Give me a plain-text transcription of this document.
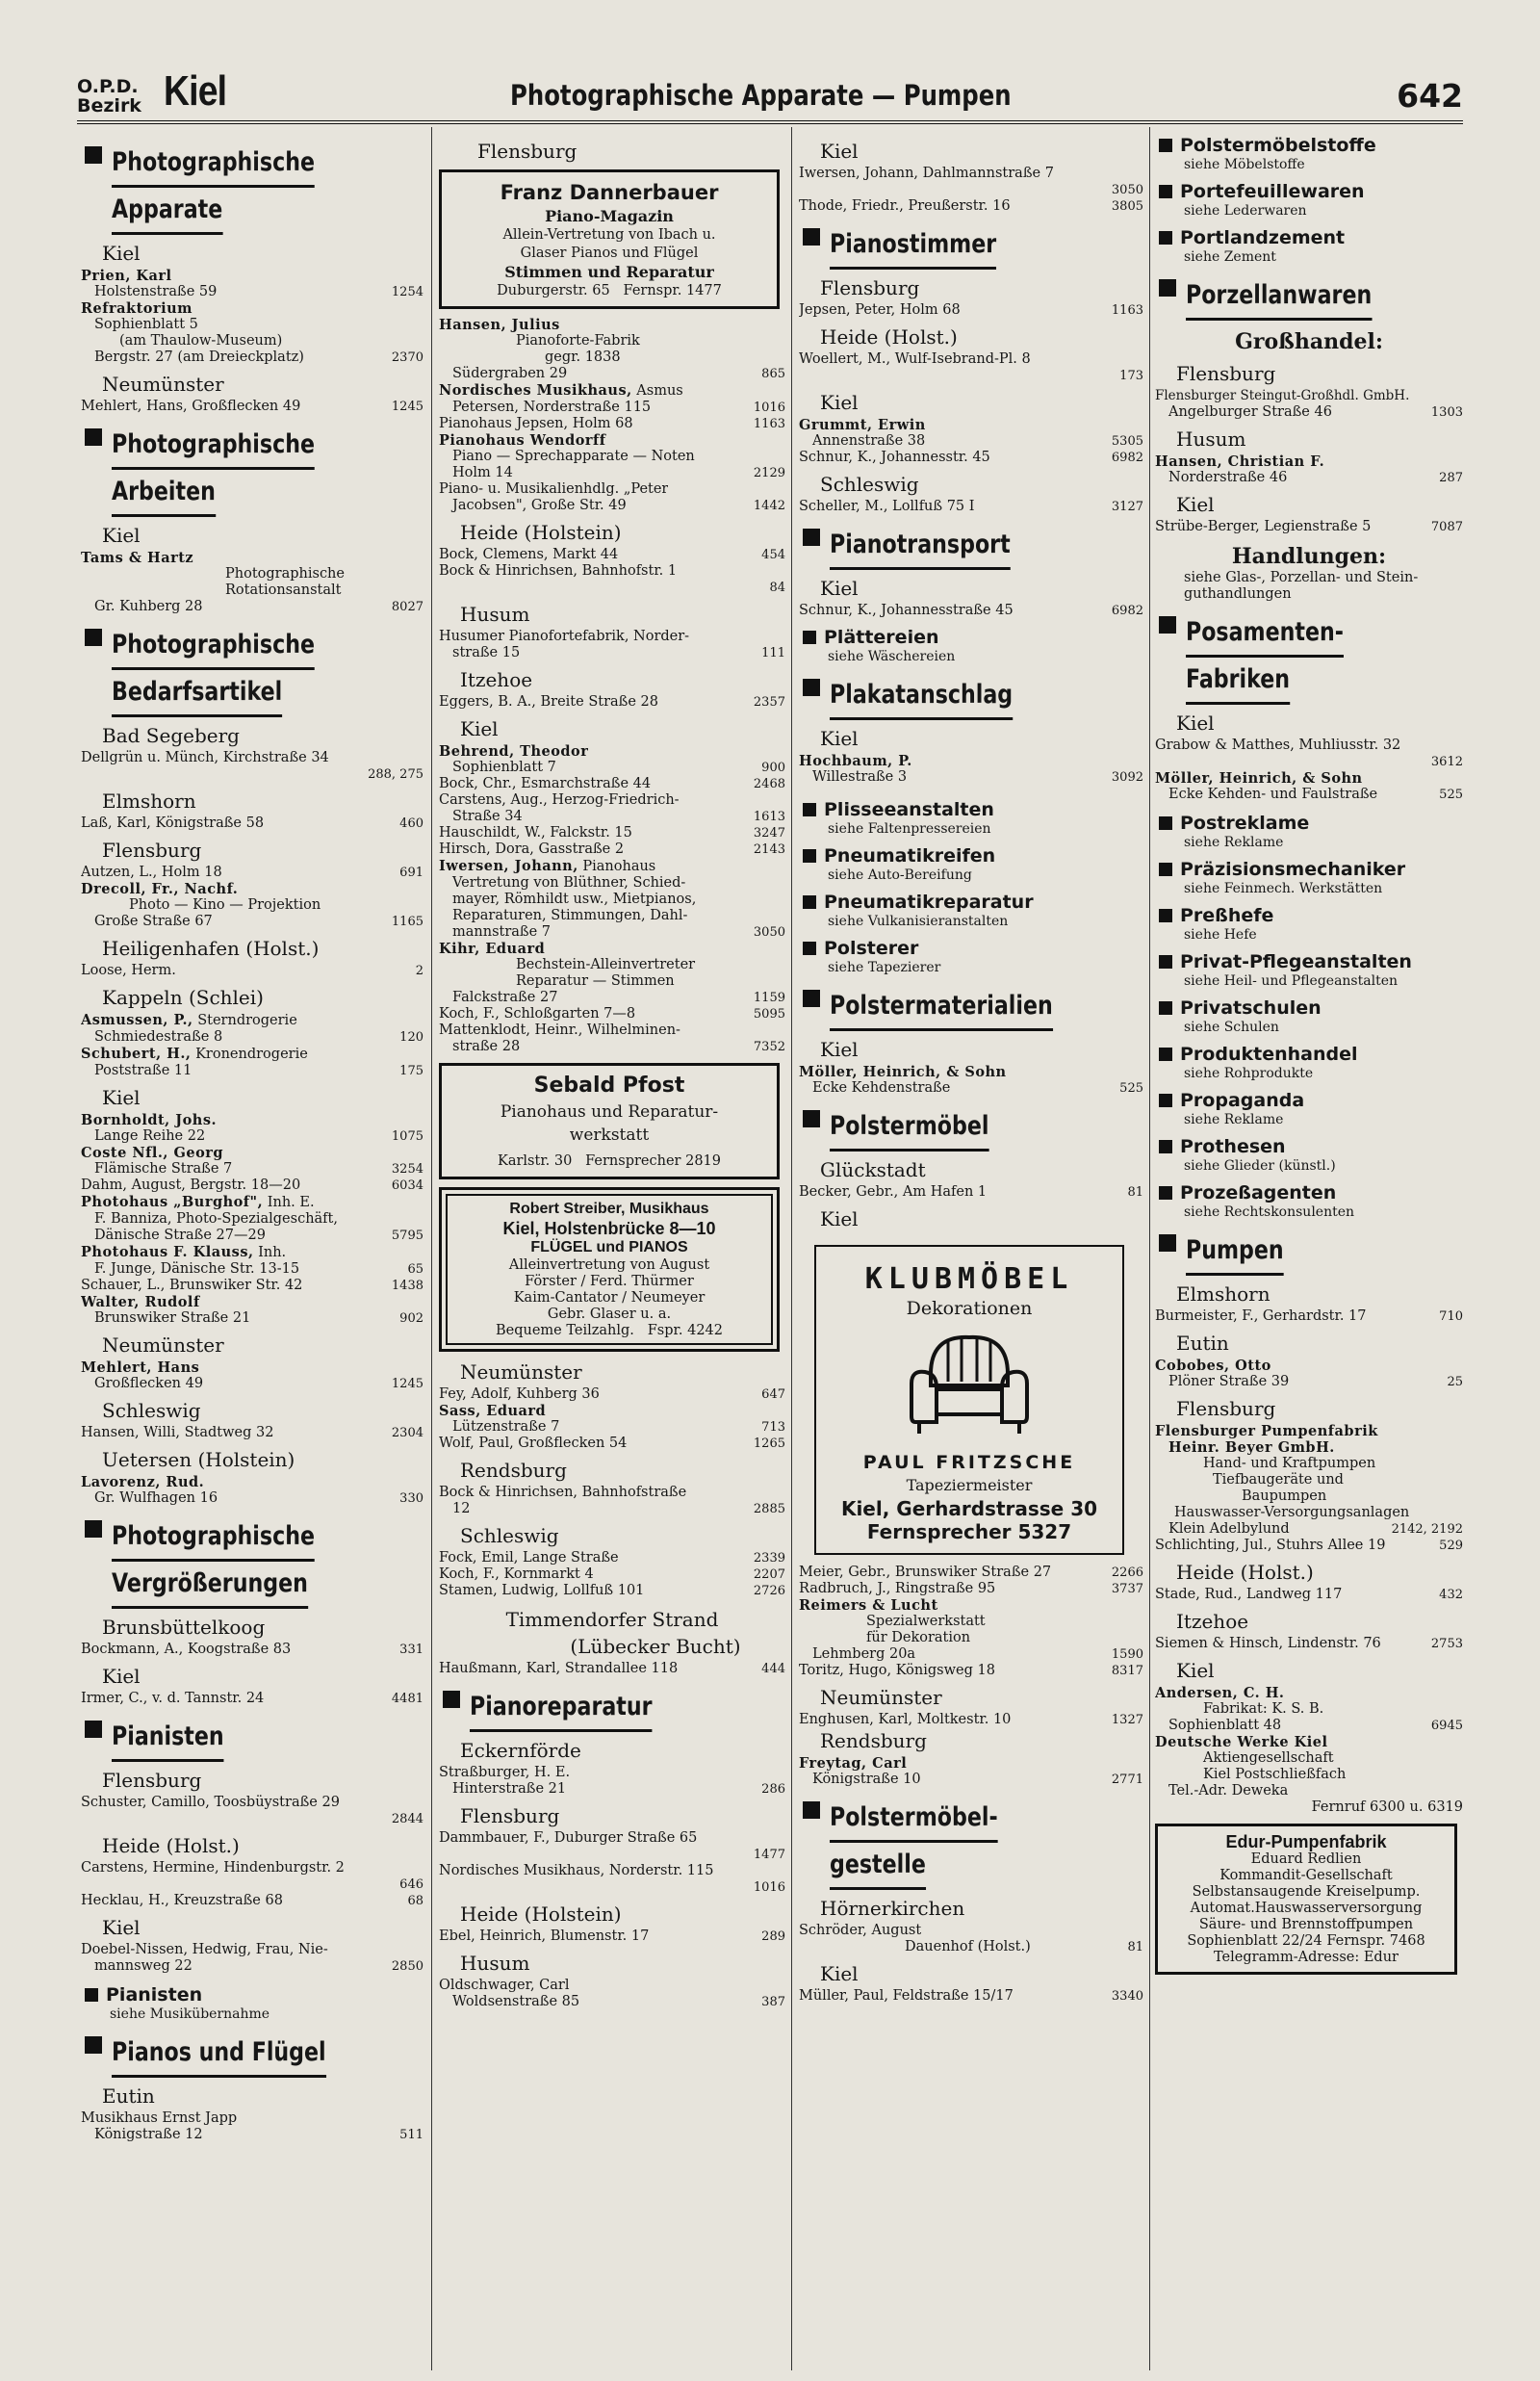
O.P.D.
Bezirk Kiel	Photographische Apparate — Pumpen	642
Photographische
Apparate
Kiel
Prien, Karl
Holstenstraße 59	1254
Refraktorium
Sophienblatt 5
(am Thaulow-Museum)
Bergstr. 27 (am Dreieckplatz)	2370
Neumünster
Mehlert, Hans, Großflecken 49	1245
Photographische
Arbeiten
Kiel
Tams & Hartz
Photographische
Rotationsanstalt
Gr. Kuhberg 28	8027
Photographische
Bedarfsartikel
Bad Segeberg
Dellgrün u. Münch, Kirchstraße 34
288, 275
Elmshorn
Laß, Karl, Königstraße 58	460
Flensburg
Autzen, L., Holm 18	691
Drecoll, Fr., Nachf.
Photo — Kino — Projektion
Große Straße 67	1165
Heiligenhafen (Holst.)
Loose, Herm.	2
Kappeln (Schlei)
Asmussen, P., Sterndrogerie
Schmiedestraße 8	120
Schubert, H., Kronendrogerie
Poststraße 11	175
Kiel
Bornholdt, Johs.
Lange Reihe 22	1075
Coste Nfl., Georg
Flämische Straße 7	3254
Dahm, August, Bergstr. 18—20	6034
Photohaus „Burghof", Inh. E.
F. Banniza, Photo-Spezialgeschäft,
Dänische Straße 27—29	5795
Photohaus F. Klauss, Inh.
F. Junge, Dänische Str. 13-15	65
Schauer, L., Brunswiker Str. 42	1438
Walter, Rudolf
Brunswiker Straße 21	902
Neumünster
Mehlert, Hans
Großflecken 49	1245
Schleswig
Hansen, Willi, Stadtweg 32	2304
Uetersen (Holstein)
Lavorenz, Rud.
Gr. Wulfhagen 16	330
Photographische
Vergrößerungen
Brunsbüttelkoog
Bockmann, A., Koogstraße 83	331
Kiel
Irmer, C., v. d. Tannstr. 24	4481
Pianisten
Flensburg
Schuster, Camillo, Toosbüystraße 29
2844
Heide (Holst.)
Carstens, Hermine, Hindenburgstr. 2
646
Hecklau, H., Kreuzstraße 68	68
Kiel
Doebel-Nissen, Hedwig, Frau, Nie-
mannsweg 22	2850
Pianisten
siehe Musikübernahme
Pianos und Flügel
Eutin
Musikhaus Ernst Japp
Königstraße 12	511
Flensburg
Franz Dannerbauer
Piano-Magazin
Allein-Vertretung von Ibach u.
Glaser Pianos und Flügel
Stimmen und Reparatur
Duburgerstr. 65 Fernspr. 1477
Hansen, Julius
Pianoforte-Fabrik
gegr. 1838
Südergraben 29	865
Nordisches Musikhaus, Asmus
Petersen, Norderstraße 115	1016
Pianohaus Jepsen, Holm 68	1163
Pianohaus Wendorff
Piano — Sprechapparate — Noten
Holm 14	2129
Piano- u. Musikalienhdlg. „Peter
Jacobsen", Große Str. 49	1442
Heide (Holstein)
Bock, Clemens, Markt 44	454
Bock & Hinrichsen, Bahnhofstr. 1
84
Husum
Husumer Pianofortefabrik, Norder-
straße 15	111
Itzehoe
Eggers, B. A., Breite Straße 28	2357
Kiel
Behrend, Theodor
Sophienblatt 7	900
Bock, Chr., Esmarchstraße 44	2468
Carstens, Aug., Herzog-Friedrich-
Straße 34	1613
Hauschildt, W., Falckstr. 15	3247
Hirsch, Dora, Gasstraße 2	2143
Iwersen, Johann, Pianohaus
Vertretung von Blüthner, Schied-
mayer, Römhildt usw., Mietpianos,
Reparaturen, Stimmungen, Dahl-
mannstraße 7	3050
Kihr, Eduard
Bechstein-Alleinvertreter
Reparatur — Stimmen
Falckstraße 27	1159
Koch, F., Schloßgarten 7—8	5095
Mattenklodt, Heinr., Wilhelminen-
straße 28	7352
Sebald Pfost
Pianohaus und Reparatur-
werkstatt
Karlstr. 30 Fernsprecher 2819
Robert Streiber, Musikhaus
Kiel, Holstenbrücke 8—10
FLÜGEL und PIANOS
Alleinvertretung von August
Förster / Ferd. Thürmer
Kaim-Cantator / Neumeyer
Gebr. Glaser u. a.
Bequeme Teilzahlg. Fspr. 4242
Neumünster
Fey, Adolf, Kuhberg 36	647
Sass, Eduard
Lützenstraße 7	713
Wolf, Paul, Großflecken 54	1265
Rendsburg
Bock & Hinrichsen, Bahnhofstraße
12	2885
Schleswig
Fock, Emil, Lange Straße	2339
Koch, F., Kornmarkt 4	2207
Stamen, Ludwig, Lollfuß 101	2726
Timmendorfer Strand
(Lübecker Bucht)
Haußmann, Karl, Strandallee 118	444
Pianoreparatur
Eckernförde
Straßburger, H. E.
Hinterstraße 21	286
Flensburg
Dammbauer, F., Duburger Straße 65
1477
Nordisches Musikhaus, Norderstr. 115
1016
Heide (Holstein)
Ebel, Heinrich, Blumenstr. 17	289
Husum
Oldschwager, Carl
Woldsenstraße 85	387
Kiel
Iwersen, Johann, Dahlmannstraße 7
3050
Thode, Friedr., Preußerstr. 16	3805
Pianostimmer
Flensburg
Jepsen, Peter, Holm 68	1163
Heide (Holst.)
Woellert, M., Wulf-Isebrand-Pl. 8
173
Kiel
Grummt, Erwin
Annenstraße 38	5305
Schnur, K., Johannesstr. 45	6982
Schleswig
Scheller, M., Lollfuß 75 I	3127
Pianotransport
Kiel
Schnur, K., Johannesstraße 45	6982
Plättereien
siehe Wäschereien
Plakatanschlag
Kiel
Hochbaum, P.
Willestraße 3	3092
Plisseeanstalten
siehe Faltenpressereien
Pneumatikreifen
siehe Auto-Bereifung
Pneumatikreparatur
siehe Vulkanisieranstalten
Polsterer
siehe Tapezierer
Polstermaterialien
Kiel
Möller, Heinrich, & Sohn
Ecke Kehdenstraße	525
Polstermöbel
Glückstadt
Becker, Gebr., Am Hafen 1	81
Kiel
KLUBMÖBEL
Dekorationen
PAUL FRITZSCHE
Tapeziermeister
Kiel, Gerhardstrasse 30
Fernsprecher 5327
Meier, Gebr., Brunswiker Straße 27	2266
Radbruch, J., Ringstraße 95	3737
Reimers & Lucht
Spezialwerkstatt
für Dekoration
Lehmberg 20a	1590
Toritz, Hugo, Königsweg 18	8317
Neumünster
Enghusen, Karl, Moltkestr. 10	1327
Rendsburg
Freytag, Carl
Königstraße 10	2771
Polstermöbel-
gestelle
Hörnerkirchen
Schröder, August
Dauenhof (Holst.)	81
Kiel
Müller, Paul, Feldstraße 15/17	3340
Polstermöbelstoffe
siehe Möbelstoffe
Portefeuillewaren
siehe Lederwaren
Portlandzement
siehe Zement
Porzellanwaren
Großhandel:
Flensburg
Flensburger Steingut-Großhdl. GmbH.
Angelburger Straße 46	1303
Husum
Hansen, Christian F.
Norderstraße 46	287
Kiel
Strübe-Berger, Legienstraße 5	7087
Handlungen:
siehe Glas-, Porzellan- und Stein-
guthandlungen
Posamenten-
Fabriken
Kiel
Grabow & Matthes, Muhliusstr. 32
3612
Möller, Heinrich, & Sohn
Ecke Kehden- und Faulstraße	525
Postreklame
siehe Reklame
Präzisionsmechaniker
siehe Feinmech. Werkstätten
Preßhefe
siehe Hefe
Privat-Pflegeanstalten
siehe Heil- und Pflegeanstalten
Privatschulen
siehe Schulen
Produktenhandel
siehe Rohprodukte
Propaganda
siehe Reklame
Prothesen
siehe Glieder (künstl.)
Prozeßagenten
siehe Rechtskonsulenten
Pumpen
Elmshorn
Burmeister, F., Gerhardstr. 17	710
Eutin
Cobobes, Otto
Plöner Straße 39	25
Flensburg
Flensburger Pumpenfabrik
Heinr. Beyer GmbH.
Hand- und Kraftpumpen
Tiefbaugeräte und
Baupumpen
Hauswasser-Versorgungsanlagen
Klein Adelbylund	2142, 2192
Schlichting, Jul., Stuhrs Allee 19	529
Heide (Holst.)
Stade, Rud., Landweg 117	432
Itzehoe
Siemen & Hinsch, Lindenstr. 76	2753
Kiel
Andersen, C. H.
Fabrikat: K. S. B.
Sophienblatt 48	6945
Deutsche Werke Kiel
Aktiengesellschaft
Kiel Postschließfach
Tel.-Adr. Deweka
Fernruf 6300 u. 6319
Edur-Pumpenfabrik
Eduard Redlien
Kommandit-Gesellschaft
Selbstansaugende Kreiselpump.
Automat.Hauswasserversorgung
Säure- und Brennstoffpumpen
Sophienblatt 22/24 Fernspr. 7468
Telegramm-Adresse: Edur
